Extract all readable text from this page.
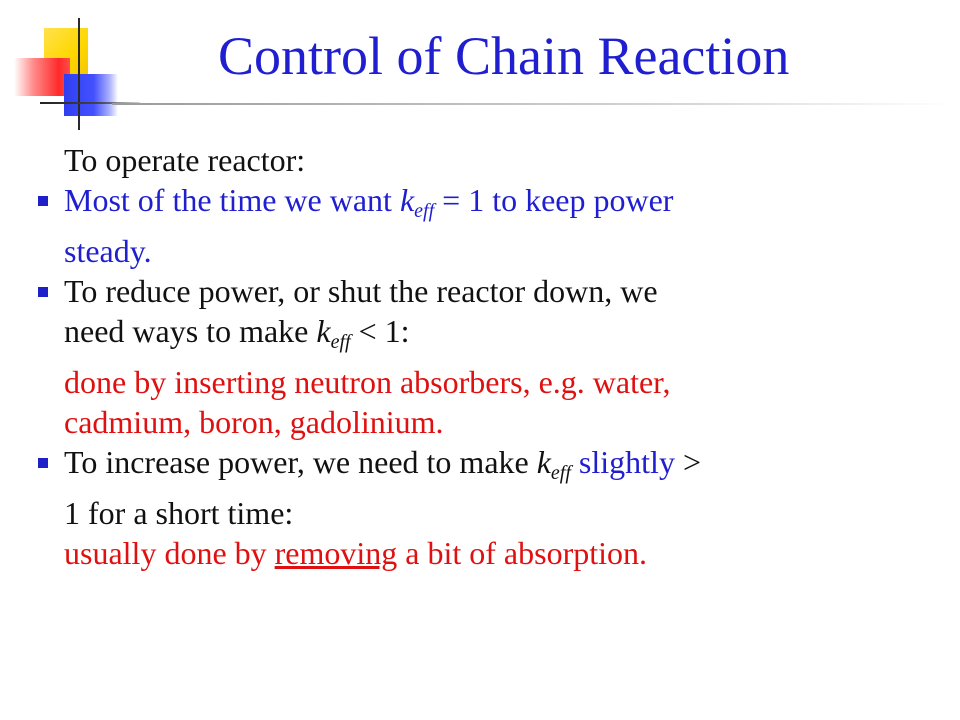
Control of Chain Reaction

To operate reactor:

Most of the time we want $k_{eff} = 1$ to keep power
steady.
To reduce power, or shut the reactor down, we
need ways to make $k_{eff} < 1$:
done by inserting neutron absorbers, e.g. water,
cadmium, boron, gadolinium.
To increase power, we need to make $k_{eff}$ slightly >
1 for a short time:
usually done by removing a bit of absorption.
